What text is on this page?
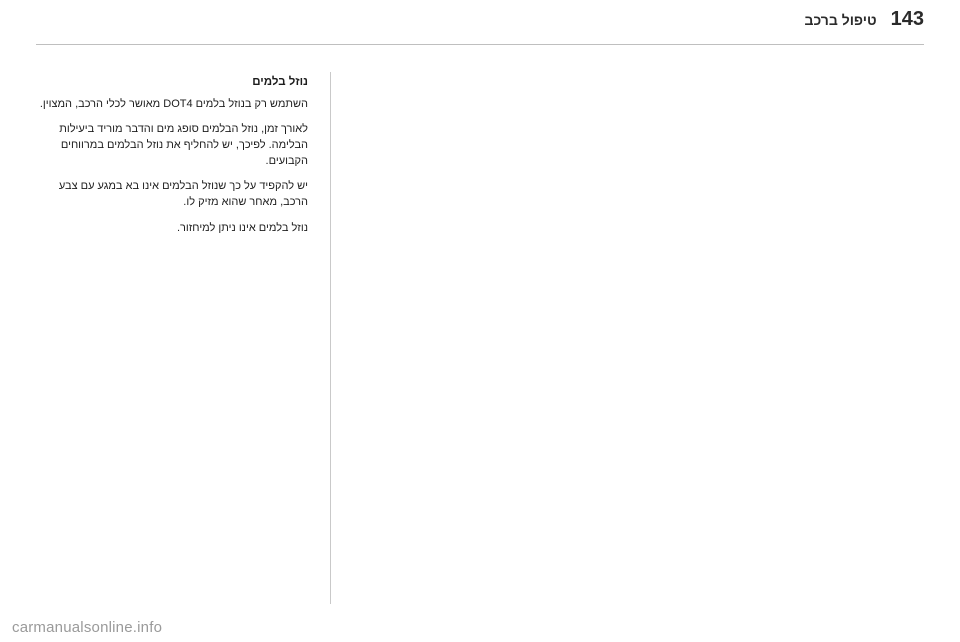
143
טיפול ברכב
נוזל בלמים

השתמש רק בנוזל בלמים DOT4 מאושר לכלי הרכב, המצוין.

לאורך זמן, נוזל הבלמים סופג מים והדבר מוריד ביעילות הבלימה. לפיכך, יש להחליף את נוזל הבלמים במרווחים הקבועים.

יש להקפיד על כך שנוזל הבלמים אינו בא במגע עם צבע הרכב, מאחר שהוא מזיק לו.

נוזל בלמים אינו ניתן למיחזור.

carmanualsonline.info
